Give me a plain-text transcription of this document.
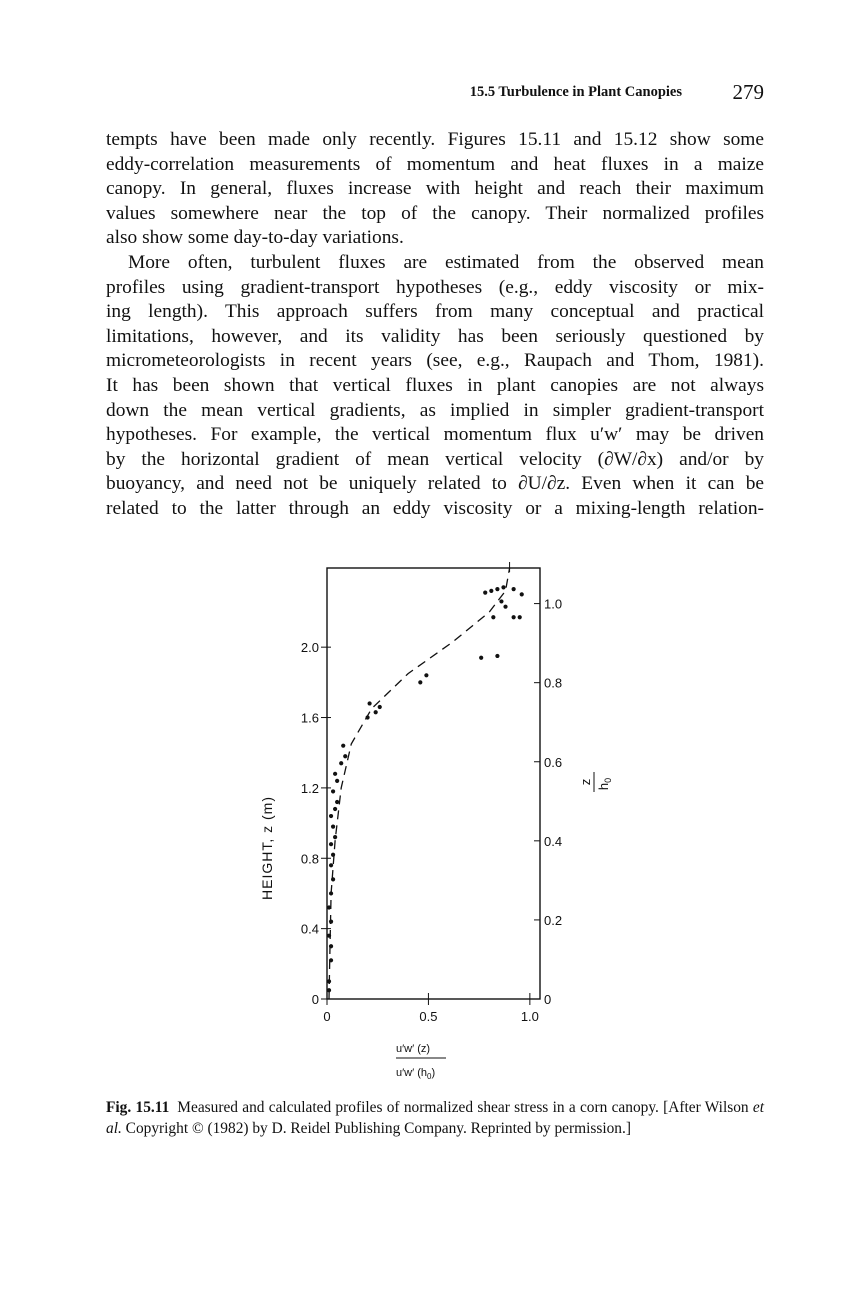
15.5 Turbulence in Plant Canopies 279
tempts have been made only recently. Figures 15.11 and 15.12 show some
eddy-correlation measurements of momentum and heat fluxes in a maize
canopy. In general, fluxes increase with height and reach their maximum
values somewhere near the top of the canopy. Their normalized profiles
also show some day-to-day variations.
More often, turbulent fluxes are estimated from the observed mean
profiles using gradient-transport hypotheses (e.g., eddy viscosity or mix-
ing length). This approach suffers from many conceptual and practical
limitations, however, and its validity has been seriously questioned by
micrometeorologists in recent years (see, e.g., Raupach and Thom, 1981).
It has been shown that vertical fluxes in plant canopies are not always
down the mean vertical gradients, as implied in simpler gradient-transport
hypotheses. For example, the vertical momentum flux u′w′ may be driven
by the horizontal gradient of mean vertical velocity (∂W/∂x) and/or by
buoyancy, and need not be uniquely related to ∂U/∂z. Even when it can be
related to the latter through an eddy viscosity or a mixing-length relation-
0	0.5	1.0
0
0.4
0.8
1.2
1.6
2.0
0
0.2
0.4
0.6
0.8
1.0
HEIGHT, z (m)
z
$h_0$
u′w′ (z)
u′w′ $(h_0)$
Fig. 15.11 Measured and calculated profiles of normalized shear stress in a corn canopy. [After Wilson et al. Copyright © (1982) by D. Reidel Publishing Company. Reprinted by permission.]
